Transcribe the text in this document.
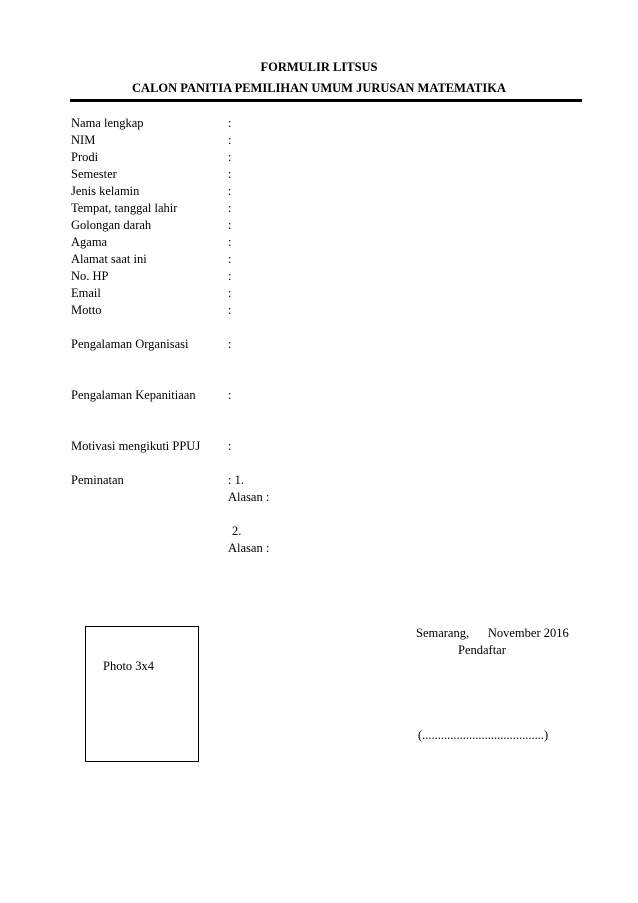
FORMULIR LITSUS
CALON PANITIA PEMILIHAN UMUM JURUSAN MATEMATIKA
Nama lengkap	:
NIM	:
Prodi	:
Semester	:
Jenis kelamin	:
Tempat, tanggal lahir	:
Golongan darah	:
Agama	:
Alamat saat ini	:
No. HP	:
Email	:
Motto	:
Pengalaman Organisasi	:
Pengalaman Kepanitiaan	:
Motivasi mengikuti PPUJ :
Peminatan	: 1.
Alasan :
2.
Alasan :
Photo 3x4
Semarang,      November 2016
Pendaftar
(.......................................)
